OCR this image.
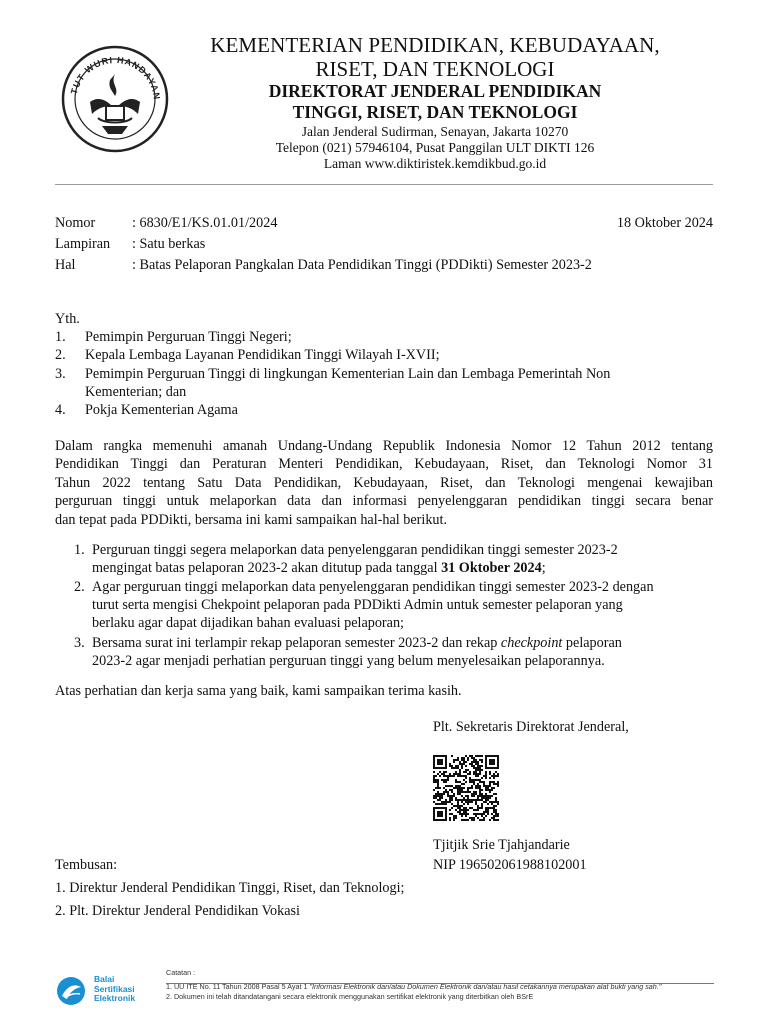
TUT WURI HANDAYAN
KEMENTERIAN PENDIDIKAN, KEBUDAYAAN,
RISET, DAN TEKNOLOGI
DIREKTORAT JENDERAL PENDIDIKAN
TINGGI, RISET, DAN TEKNOLOGI
Jalan Jenderal Sudirman, Senayan, Jakarta 10270
Telepon (021) 57946104, Pusat Panggilan ULT DIKTI 126
Laman www.diktiristek.kemdikbud.go.id
Nomor	: 6830/E1/KS.01.01/2024	18 Oktober 2024
Lampiran : Satu berkas
Hal	: Batas Pelaporan Pangkalan Data Pendidikan Tinggi (PDDikti) Semester 2023-2
Yth.
1. Pemimpin Perguruan Tinggi Negeri;
2. Kepala Lembaga Layanan Pendidikan Tinggi Wilayah I-XVII;
3. Pemimpin Perguruan Tinggi di lingkungan Kementerian Lain dan Lembaga Pemerintah Non
Kementerian; dan
4. Pokja Kementerian Agama
Dalam rangka memenuhi amanah Undang-Undang Republik Indonesia Nomor 12 Tahun 2012 tentang
Pendidikan Tinggi dan Peraturan Menteri Pendidikan, Kebudayaan, Riset, dan Teknologi Nomor 31
Tahun 2022 tentang Satu Data Pendidikan, Kebudayaan, Riset, dan Teknologi mengenai kewajiban
perguruan tinggi untuk melaporkan data dan informasi penyelenggaran pendidikan tinggi secara benar
dan tepat pada PDDikti, bersama ini kami sampaikan hal-hal berikut.
1. Perguruan tinggi segera melaporkan data penyelenggaran pendidikan tinggi semester 2023-2
mengingat batas pelaporan 2023-2 akan ditutup pada tanggal 31 Oktober 2024;
2. Agar perguruan tinggi melaporkan data penyelenggaran pendidikan tinggi semester 2023-2 dengan
turut serta mengisi Chekpoint pelaporan pada PDDikti Admin untuk semester pelaporan yang
berlaku agar dapat dijadikan bahan evaluasi pelaporan;
3. Bersama surat ini terlampir rekap pelaporan semester 2023-2 dan rekap checkpoint pelaporan
2023-2 agar menjadi perhatian perguruan tinggi yang belum menyelesaikan pelaporannya.
Atas perhatian dan kerja sama yang baik, kami sampaikan terima kasih.
Plt. Sekretaris Direktorat Jenderal,
Tjitjik Srie Tjahjandarie
NIP 196502061988102001
Tembusan:
1. Direktur Jenderal Pendidikan Tinggi, Riset, dan Teknologi;
2. Plt. Direktur Jenderal Pendidikan Vokasi
Balai
Sertifikasi
Elektronik
Catatan :
1. UU ITE No. 11 Tahun 2008 Pasal 5 Ayat 1 "Informasi Elektronik dan/atau Dokumen Elektronik dan/atau hasil cetakannya merupakan alat bukti yang sah."
2. Dokumen ini telah ditandatangani secara elektronik menggunakan sertifikat elektronik yang diterbitkan oleh BSrE
